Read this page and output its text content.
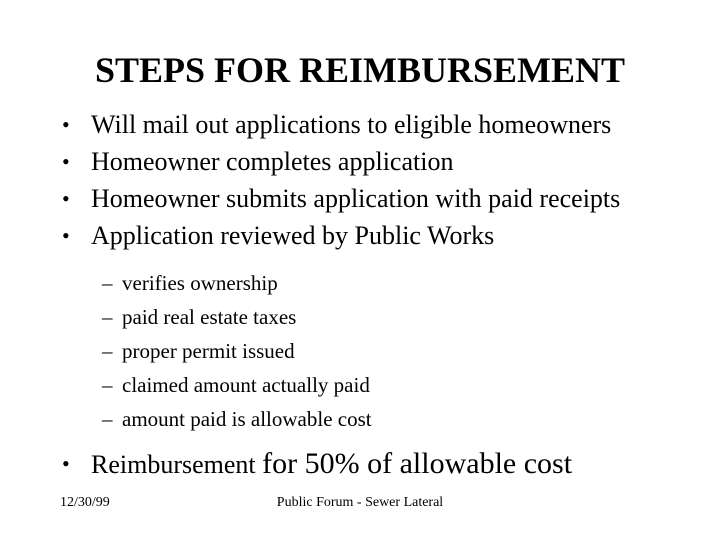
STEPS FOR REIMBURSEMENT
• Will mail out applications to eligible homeowners
• Homeowner completes application
• Homeowner submits application with paid receipts
• Application reviewed by Public Works
– verifies ownership
– paid real estate taxes
– proper permit issued
– claimed amount actually paid
– amount paid is allowable cost
• Reimbursement for 50% of allowable cost
12/30/99	Public Forum - Sewer Lateral
